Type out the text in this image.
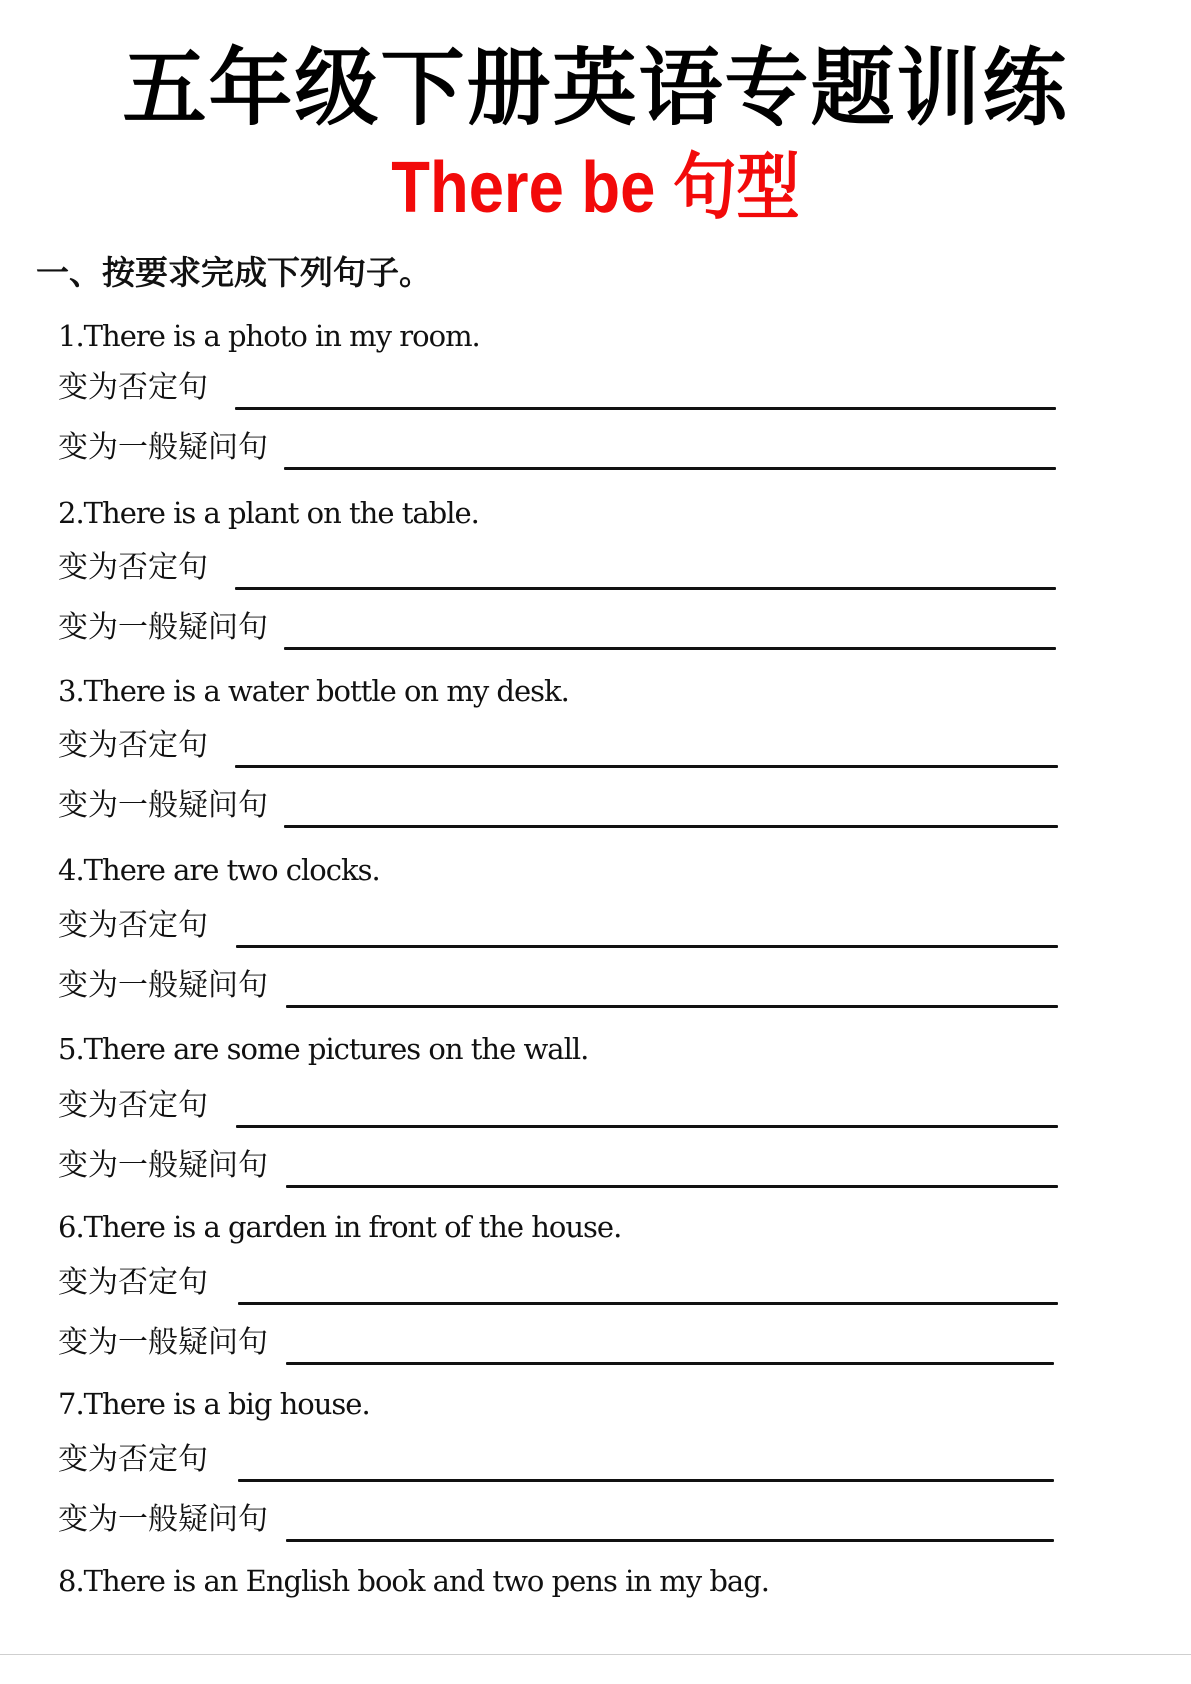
五年级下册英语专题训练
There be 句型
一、按要求完成下列句子。
1.There is a photo in my room.
变为否定句
变为一般疑问句
2.There is a plant on the table.
变为否定句
变为一般疑问句
3.There is a water bottle on my desk.
变为否定句
变为一般疑问句
4.There are two clocks.
变为否定句
变为一般疑问句
5.There are some pictures on the wall.
变为否定句
变为一般疑问句
6.There is a garden in front of the house.
变为否定句
变为一般疑问句
7.There is a big house.
变为否定句
变为一般疑问句
8.There is an English book and two pens in my bag.
